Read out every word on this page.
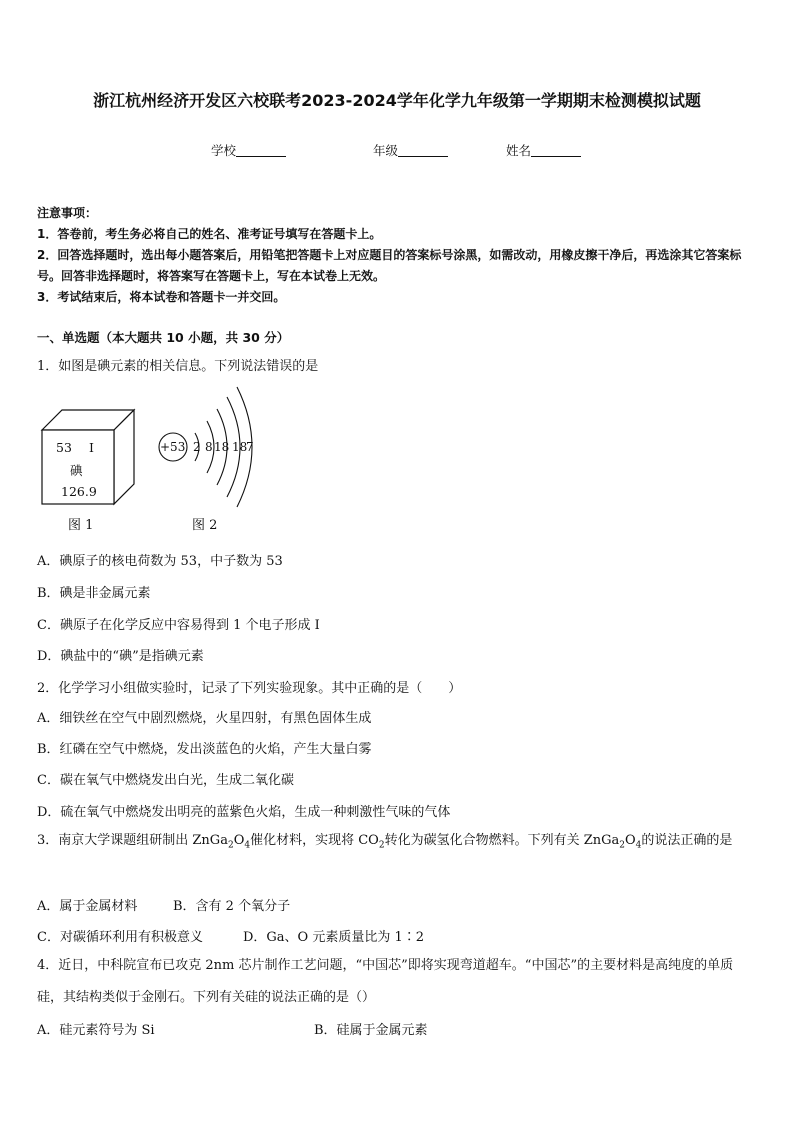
浙江杭州经济开发区六校联考2023-2024学年化学九年级第一学期期末检测模拟试题
学校	年级	姓名
注意事项：
1．答卷前，考生务必将自己的姓名、准考证号填写在答题卡上。
2．回答选择题时，选出每小题答案后，用铅笔把答题卡上对应题目的答案标号涂黑，如需改动，用橡皮擦干净后，再选涂其它答案标号。回答非选择题时，将答案写在答题卡上，写在本试卷上无效。
3．考试结束后，将本试卷和答题卡一并交回。
一、单选题（本大题共 10 小题，共 30 分）
1．如图是碘元素的相关信息。下列说法错误的是
53 I
碘
126.9
+53 2 8 18 18
7
图 1	图 2
A．碘原子的核电荷数为 53，中子数为 53
B．碘是非金属元素
C．碘原子在化学反应中容易得到 1 个电子形成 I
D．碘盐中的“碘”是指碘元素
2．化学学习小组做实验时，记录了下列实验现象。其中正确的是（　　）
A．细铁丝在空气中剧烈燃烧，火星四射，有黑色固体生成
B．红磷在空气中燃烧，发出淡蓝色的火焰，产生大量白雾
C．碳在氧气中燃烧发出白光，生成二氧化碳
D．硫在氧气中燃烧发出明亮的蓝紫色火焰，生成一种刺激性气味的气体
3．南京大学课题组研制出 $ZnGa_2O_4$催化材料，实现将 $CO_2$转化为碳氢化合物燃料。下列有关 $ZnGa_2O_4$的说法正确的是
A．属于金属材料	B．含有 2 个氧分子
C．对碳循环利用有积极意义	D．Ga、O 元素质量比为 1∶2
4．近日，中科院宣布已攻克 2nm 芯片制作工艺问题，“中国芯”即将实现弯道超车。“中国芯”的主要材料是高纯度的单质硅，其结构类似于金刚石。下列有关硅的说法正确的是（）
A．硅元素符号为 Si	B．硅属于金属元素
